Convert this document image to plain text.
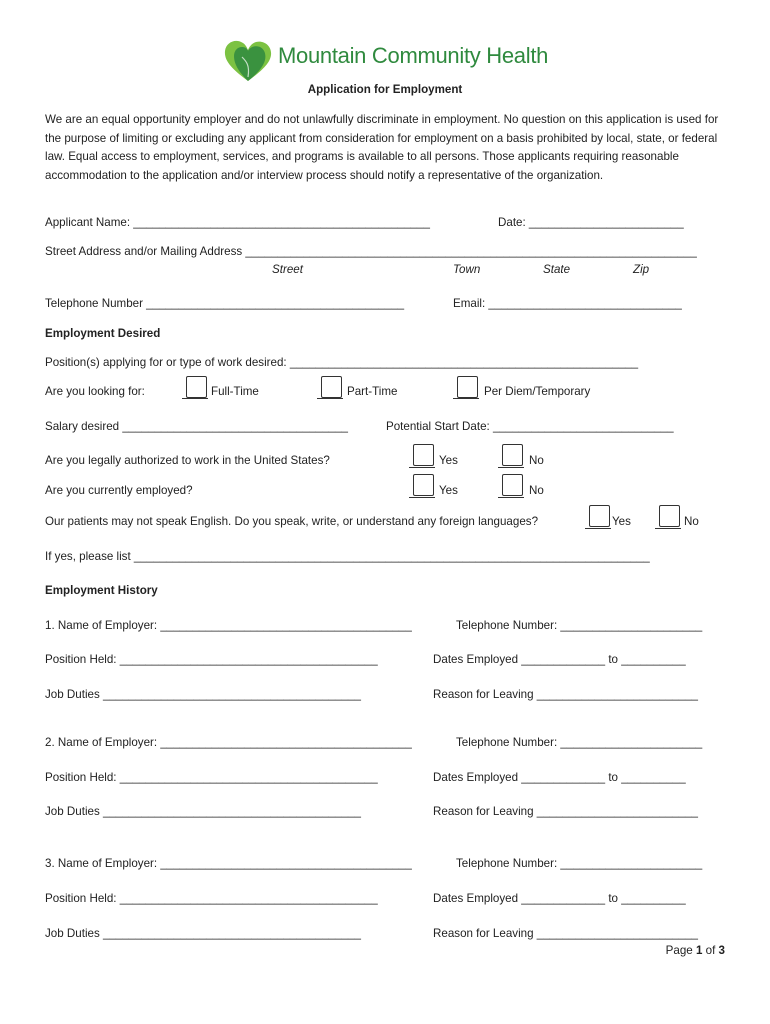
Mountain Community Health
Application for Employment
We are an equal opportunity employer and do not unlawfully discriminate in employment. No question on this application is used for the purpose of limiting or excluding any applicant from consideration for employment on a basis prohibited by local, state, or federal law. Equal access to employment, services, and programs is available to all persons. Those applicants requiring reasonable accommodation to the application and/or interview process should notify a representative of the organization.
Applicant Name: ______________________________________________	Date: ________________________
Street Address and/or Mailing Address ______________________________________________________________________
Street	Town	State	Zip
Telephone Number ________________________________________	Email: ______________________________
Employment Desired
Position(s) applying for or type of work desired: ______________________________________________________
Are you looking for:	Full-Time	Part-Time	Per Diem/Temporary
Salary desired ___________________________________	Potential Start Date: ____________________________
Are you legally authorized to work in the United States?	Yes	No
Are you currently employed?	Yes	No
Our patients may not speak English. Do you speak, write, or understand any foreign languages?	Yes	No
If yes, please list ________________________________________________________________________________
Employment History
1. Name of Employer: _______________________________________	Telephone Number: ______________________
Position Held: ________________________________________	Dates Employed _____________ to __________
Job Duties ________________________________________	Reason for Leaving _________________________
2. Name of Employer: _______________________________________	Telephone Number: ______________________
Position Held: ________________________________________	Dates Employed _____________ to __________
Job Duties ________________________________________	Reason for Leaving _________________________
3. Name of Employer: _______________________________________	Telephone Number: ______________________
Position Held: ________________________________________	Dates Employed _____________ to __________
Job Duties ________________________________________	Reason for Leaving _________________________
Page 1 of 3
